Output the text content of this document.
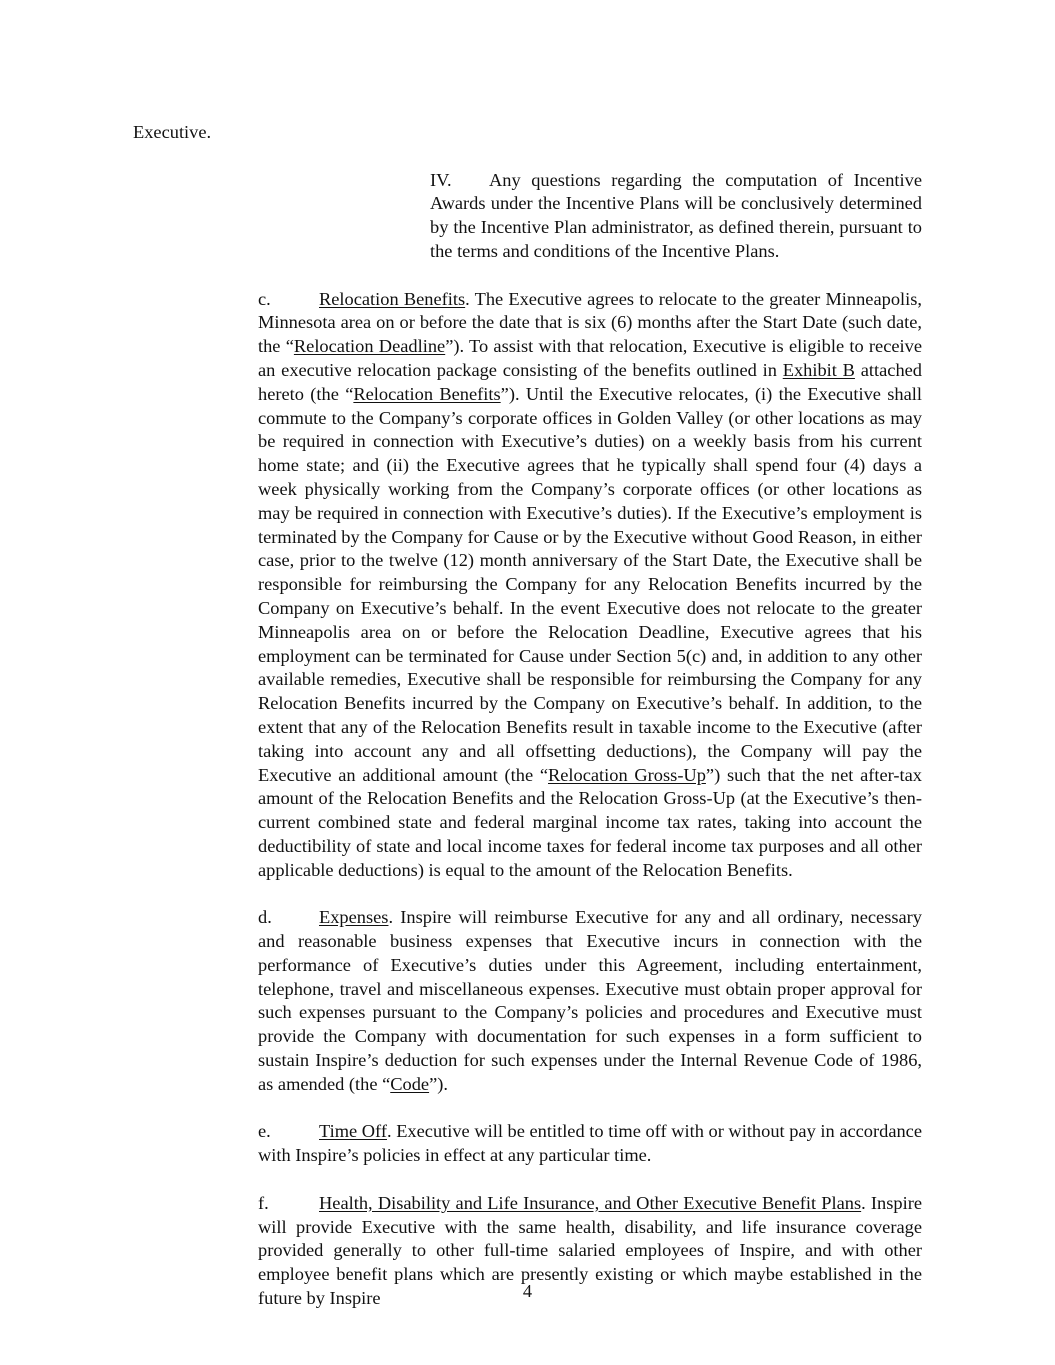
Executive.

IV. Any questions regarding the computation of Incentive Awards under the Incentive Plans will be conclusively determined by the Incentive Plan administrator, as defined therein, pursuant to the terms and conditions of the Incentive Plans.

c.	Relocation Benefits. The Executive agrees to relocate to the greater Minneapolis, Minnesota area on or before the date that is six (6) months after the Start Date (such date, the “Relocation Deadline”). To assist with that relocation, Executive is eligible to receive an executive relocation package consisting of the benefits outlined in Exhibit B attached hereto (the “Relocation Benefits”). Until the Executive relocates, (i) the Executive shall commute to the Company’s corporate offices in Golden Valley (or other locations as may be required in connection with Executive’s duties) on a weekly basis from his current home state; and (ii) the Executive agrees that he typically shall spend four (4) days a week physically working from the Company’s corporate offices (or other locations as may be required in connection with Executive’s duties). If the Executive’s employment is terminated by the Company for Cause or by the Executive without Good Reason, in either case, prior to the twelve (12) month anniversary of the Start Date, the Executive shall be responsible for reimbursing the Company for any Relocation Benefits incurred by the Company on Executive’s behalf. In the event Executive does not relocate to the greater Minneapolis area on or before the Relocation Deadline, Executive agrees that his employment can be terminated for Cause under Section 5(c) and, in addition to any other available remedies, Executive shall be responsible for reimbursing the Company for any Relocation Benefits incurred by the Company on Executive’s behalf. In addition, to the extent that any of the Relocation Benefits result in taxable income to the Executive (after taking into account any and all offsetting deductions), the Company will pay the Executive an additional amount (the “Relocation Gross-Up”) such that the net after-tax amount of the Relocation Benefits and the Relocation Gross-Up (at the Executive’s then-current combined state and federal marginal income tax rates, taking into account the deductibility of state and local income taxes for federal income tax purposes and all other applicable deductions) is equal to the amount of the Relocation Benefits.

d.	Expenses. Inspire will reimburse Executive for any and all ordinary, necessary and reasonable business expenses that Executive incurs in connection with the performance of Executive’s duties under this Agreement, including entertainment, telephone, travel and miscellaneous expenses. Executive must obtain proper approval for such expenses pursuant to the Company’s policies and procedures and Executive must provide the Company with documentation for such expenses in a form sufficient to sustain Inspire’s deduction for such expenses under the Internal Revenue Code of 1986, as amended (the “Code”).

e.	Time Off. Executive will be entitled to time off with or without pay in accordance with Inspire’s policies in effect at any particular time.

f.	Health, Disability and Life Insurance, and Other Executive Benefit Plans. Inspire will provide Executive with the same health, disability, and life insurance coverage provided generally to other full-time salaried employees of Inspire, and with other employee benefit plans which are presently existing or which maybe established in the future by Inspire	4
